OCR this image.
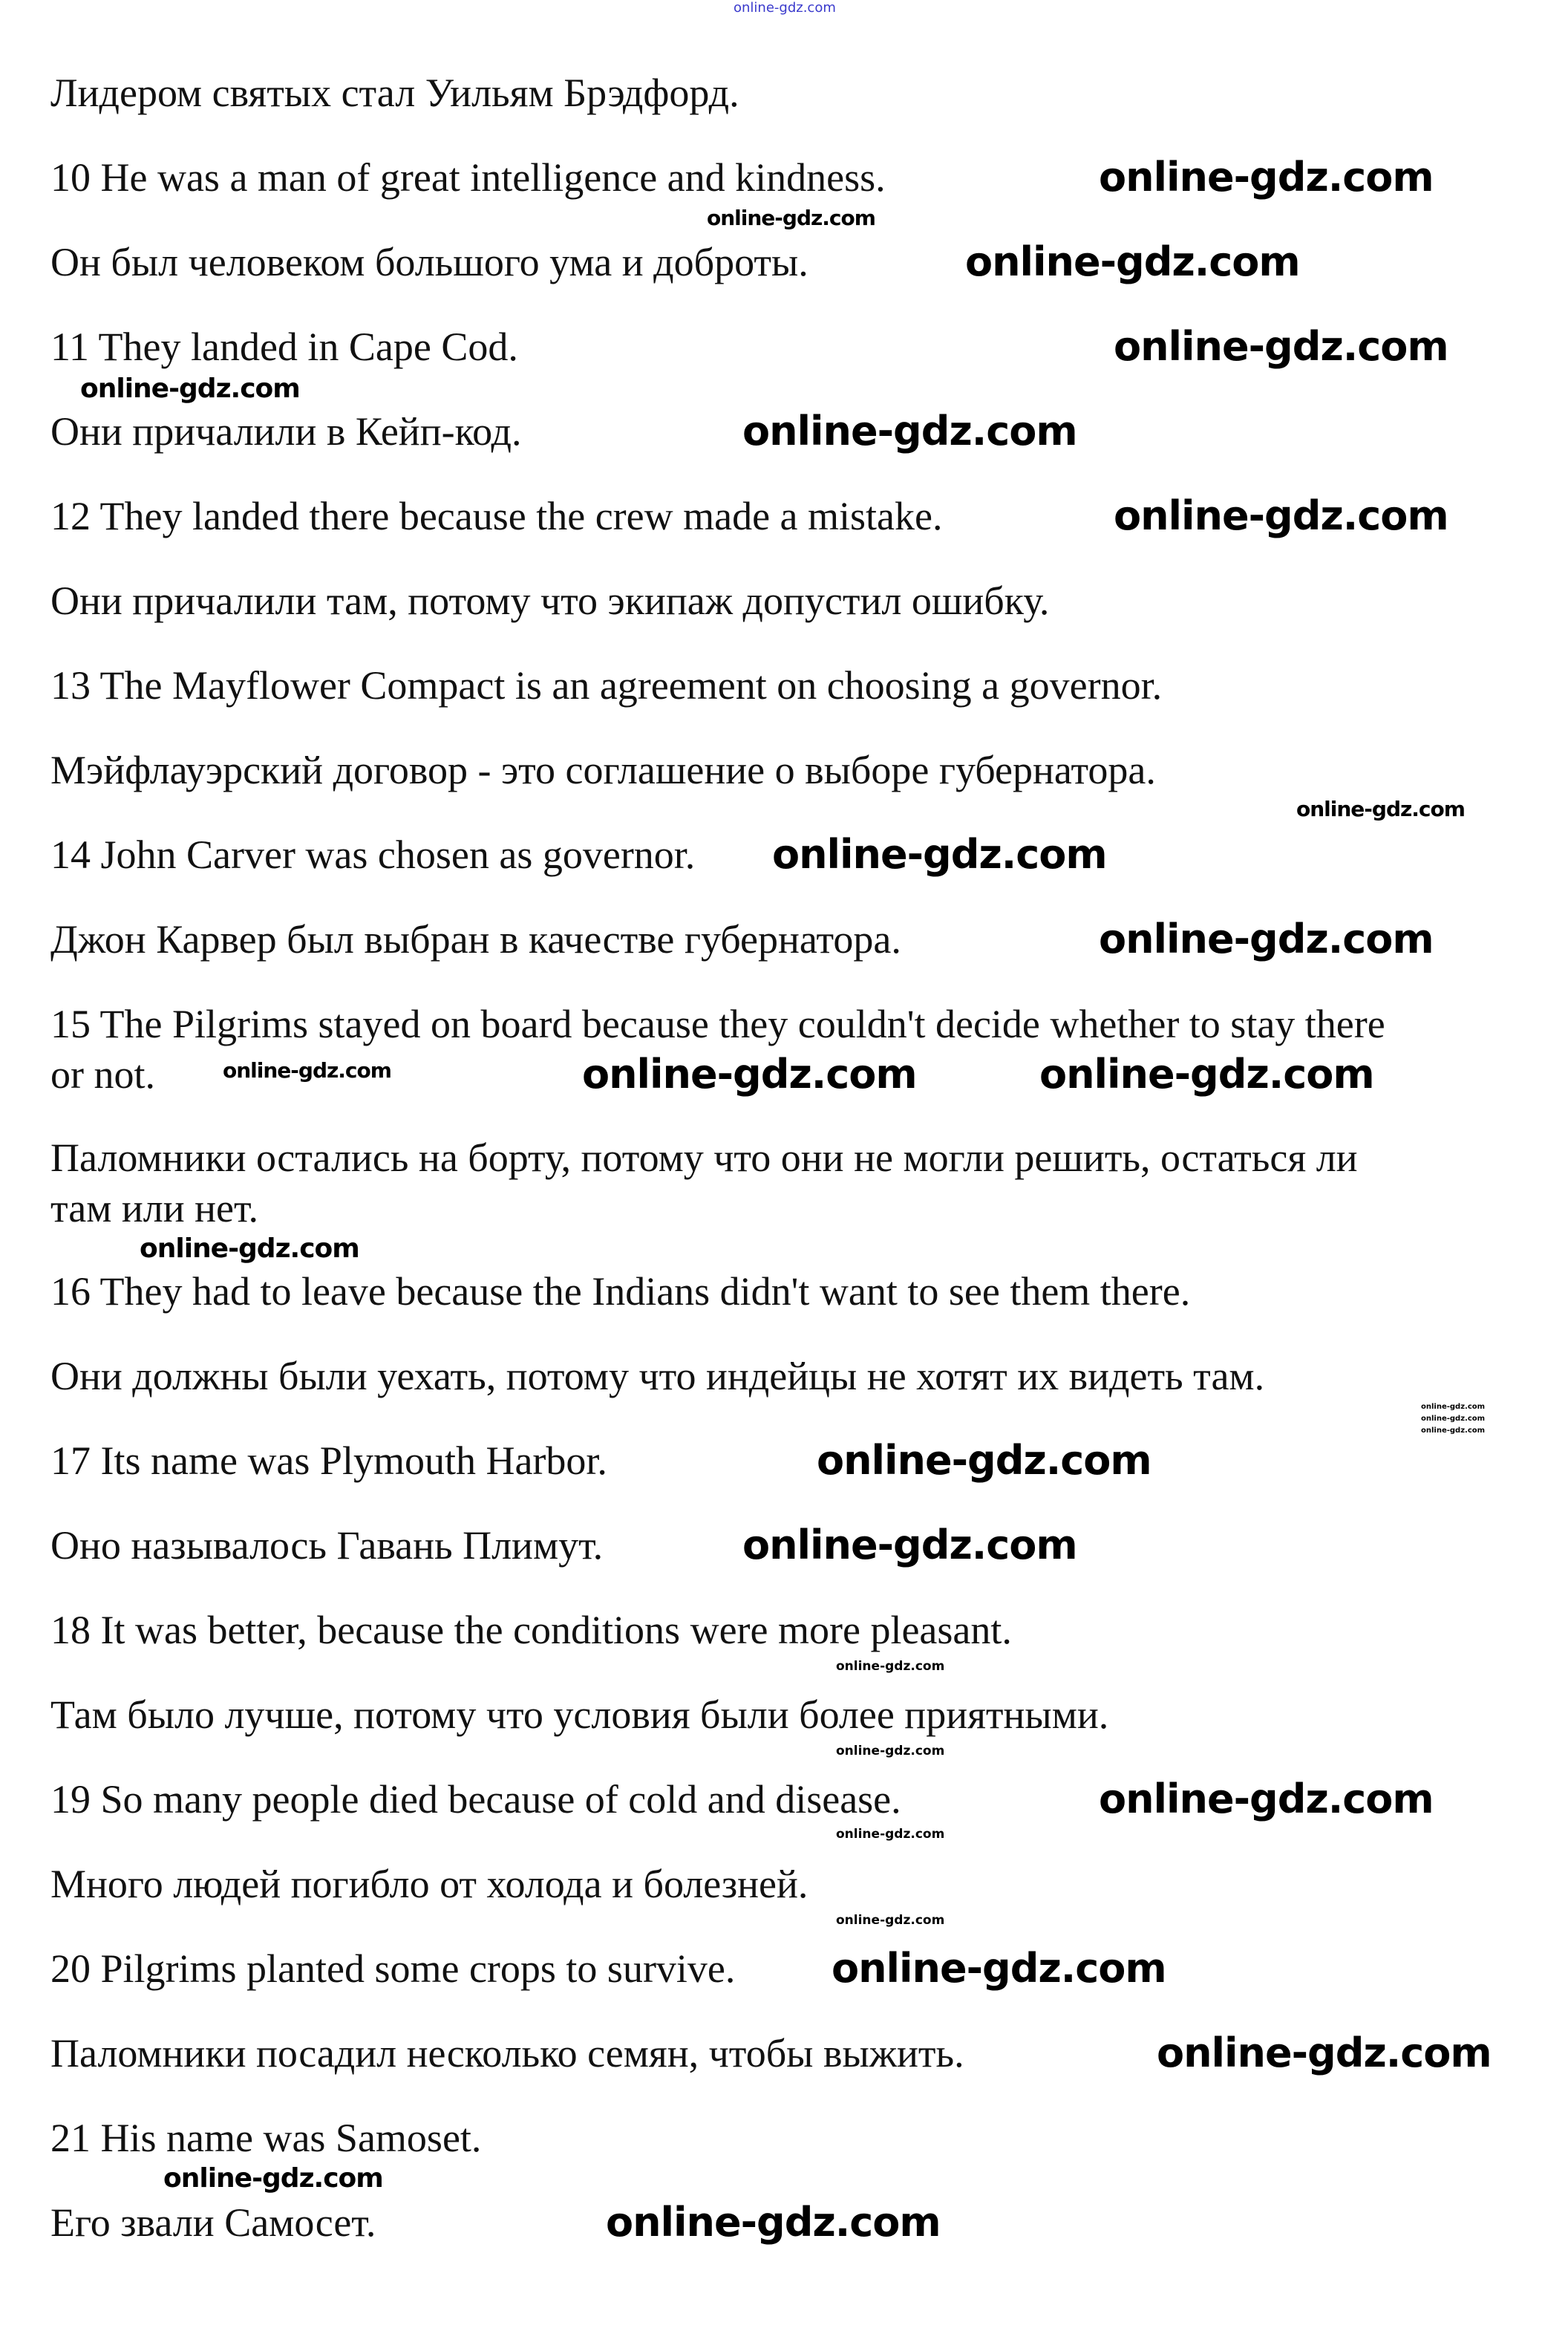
Лидером святых стал Уильям Брэдфорд.
10 He was a man of great intelligence and kindness.
Он был человеком большого ума и доброты.
11 They landed in Cape Cod.
Они причалили в Кейп-код.
12 They landed there because the crew made a mistake.
Они причалили там, потому что экипаж допустил ошибку.
13 The Mayflower Compact is an agreement on choosing a governor.
Мэйфлауэрский договор - это соглашение о выборе губернатора.
14 John Carver was chosen as governor.
Джон Карвер был выбран в качестве губернатора.
15 The Pilgrims stayed on board because they couldn't decide whether to stay there
or not.
Паломники остались на борту, потому что они не могли решить, остаться ли
там или нет.
16 They had to leave because the Indians didn't want to see them there.
Они должны были уехать, потому что индейцы не хотят их видеть там.
17 Its name was Plymouth Harbor.
Оно называлось Гавань Плимут.
18 It was better, because the conditions were more pleasant.
Там было лучше, потому что условия были более приятными.
19 So many people died because of cold and disease.
Много людей погибло от холода и болезней.
20 Pilgrims planted some crops to survive.
Паломники посадил несколько семян, чтобы выжить.
21 His name was Samoset.
Его звали Самосет.
online-gdz.com
online-gdz.com
online-gdz.com
online-gdz.com
online-gdz.com
online-gdz.com
online-gdz.com
online-gdz.com
online-gdz.com
online-gdz.com
online-gdz.com
online-gdz.com	online-gdz.com
online-gdz.com
online-gdz.com
online-gdz.com
online-gdz.com
online-gdz.com
online-gdz.com
online-gdz.com
online-gdz.com
online-gdz.com
online-gdz.com
online-gdz.com
online-gdz.com
online-gdz.com
online-gdz.com
online-gdz.com
online-gdz.com
